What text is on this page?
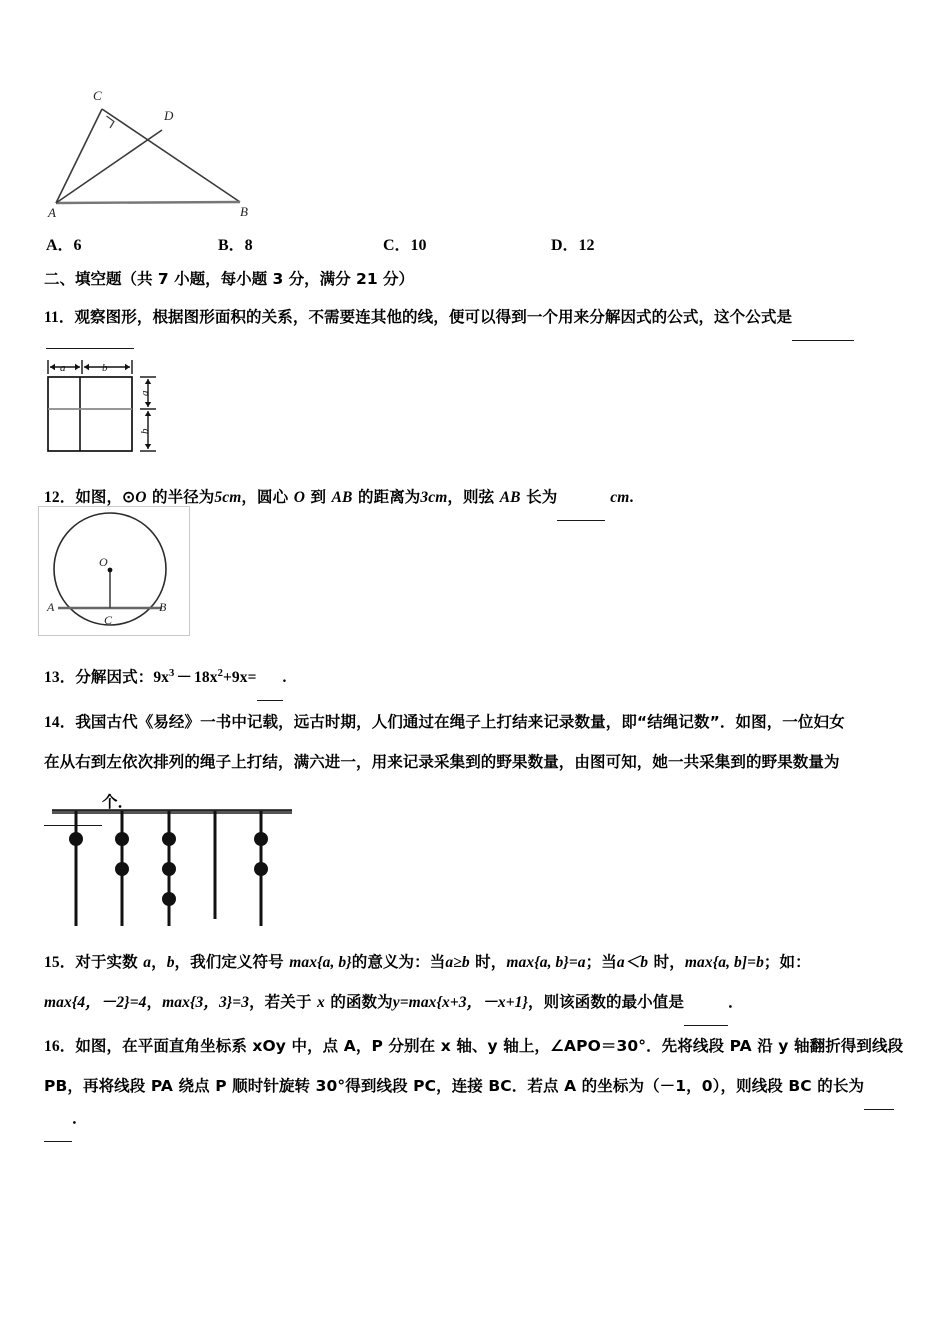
C
D
A	B
A．6	B．8	C．10	D．12
二、填空题（共 7 小题，每小题 3 分，满分 21 分）
11．观察图形，根据图形面积的关系，不需要连其他的线，便可以得到一个用来分解因式的公式，这个公式是
a	b
a
b
12．如图，⊙O 的半径为5cm，圆心 O 到 AB 的距离为3cm，则弦 AB 长为	cm.
O
A
C
B
13．分解因式：$9x^3 - 18x^2+9x=$ .
14．我国古代《易经》一书中记载，远古时期，人们通过在绳子上打结来记录数量，即“结绳记数”．如图，一位妇女
在从右到左依次排列的绳子上打结，满六进一，用来记录采集到的野果数量，由图可知，她一共采集到的野果数量为
个．
15．对于实数 a，b，我们定义符号 max{a, b}的意义为：当a≥b 时，max{a, b}=a；当a＜b 时，max{a, b]=b；如：
max{4，－2}=4，max{3，3}=3，若关于 x 的函数为y=max{x+3，－x+1}，则该函数的最小值是	．
16．如图，在平面直角坐标系 xOy 中，点 A，P 分别在 x 轴、y 轴上，∠APO＝30°．先将线段 PA 沿 y 轴翻折得到线段
PB，再将线段 PA 绕点 P 顺时针旋转 30°得到线段 PC，连接 BC．若点 A 的坐标为（－1，0），则线段 BC 的长为
．
